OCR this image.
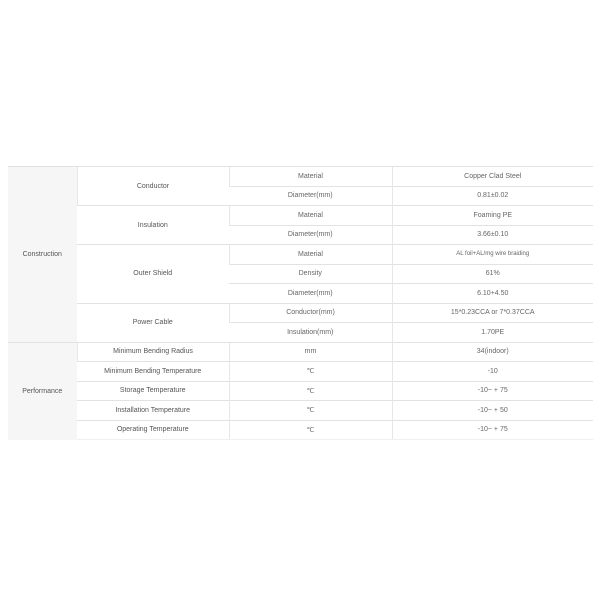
Construction	Conductor	Material	Copper Clad Steel
		Diameter(mm)	0.81±0.02
	Insulation	Material	Foaming PE
		Diameter(mm)	3.66±0.10
	Outer Shield	Material	AL foil+AL/mg wire braiding
		Density	61%
		Diameter(mm)	6.10+4.50
	Power Cable	Conductor(mm)	15*0.23CCA or 7*0.37CCA
		Insulation(mm)	1.70PE
Performance	Minimum Bending Radius	mm	34(indoor)
	Minimum Bending Temperature	℃	-10
	Storage Temperature	℃	-10~ + 75
	Installation Temperature	℃	-10~ + 50
	Operating Temperature	℃	-10~ + 75
